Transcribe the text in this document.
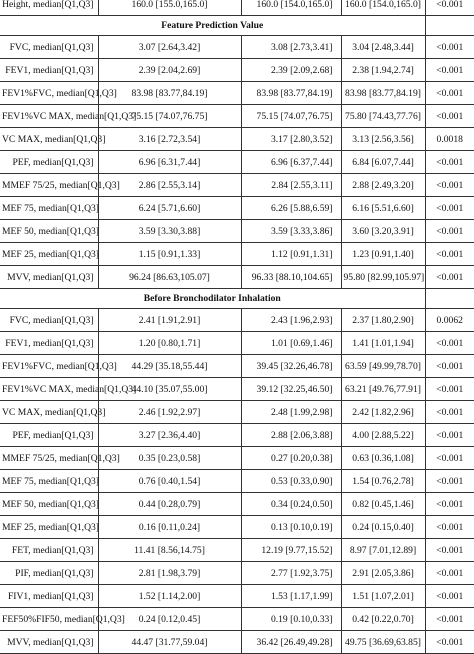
Height, median[Q1,Q3]	160.0 [155.0,165.0]	160.0 [154.0,165.0]	160.0 [154.0,165.0]	<0.001
Feature Prediction Value				
FVC, median[Q1,Q3]	3.07 [2.64,3.42]	3.08 [2.73,3.41]	3.04 [2.48,3.44]	<0.001
FEV1, median[Q1,Q3]	2.39 [2.04,2.69]	2.39 [2.09,2.68]	2.38 [1.94,2.74]	<0.001
FEV1%FVC, median[Q1,Q3]	83.98 [83.77,84.19]	83.98 [83.77,84.19]	83.98 [83.77,84.19]	<0.001
FEV1%VC MAX, median[Q1,Q3]	75.15 [74.07,76.75]	75.15 [74.07,76.75]	75.80 [74.43,77.76]	<0.001
VC MAX, median[Q1,Q3]	3.16 [2.72,3.54]	3.17 [2.80,3.52]	3.13 [2.56,3.56]	0.0018
PEF, median[Q1,Q3]	6.96 [6.31,7.44]	6.96 [6.37,7.44]	6.84 [6.07,7.44]	<0.001
MMEF 75/25, median[Q1,Q3]	2.86 [2.55,3.14]	2.84 [2.55,3.11]	2.88 [2.49,3.20]	<0.001
MEF 75, median[Q1,Q3]	6.24 [5.71,6.60]	6.26 [5.88,6.59]	6.16 [5.51,6.60]	<0.001
MEF 50, median[Q1,Q3]	3.59 [3.30,3.88]	3.59 [3.33,3.86]	3.60 [3.20,3.91]	<0.001
MEF 25, median[Q1,Q3]	1.15 [0.91,1.33]	1.12 [0.91,1.31]	1.23 [0.91,1.40]	<0.001
MVV, median[Q1,Q3]	96.24 [86.63,105.07]	96.33 [88.10,104.65]	95.80 [82.99,105.97]	<0.001
Before Bronchodilator Inhalation				
FVC, median[Q1,Q3]	2.41 [1.91,2.91]	2.43 [1.96,2.93]	2.37 [1.80,2.90]	0.0062
FEV1, median[Q1,Q3]	1.20 [0.80,1.71]	1.01 [0.69,1.46]	1.41 [1.01,1.94]	<0.001
FEV1%FVC, median[Q1,Q3]	44.29 [35.18,55.44]	39.45 [32.26,46.78]	63.59 [49.99,78.70]	<0.001
FEV1%VC MAX, median[Q1,Q3]	44.10 [35.07,55.00]	39.12 [32.25,46.50]	63.21 [49.76,77.91]	<0.001
VC MAX, median[Q1,Q3]	2.46 [1.92,2.97]	2.48 [1.99,2.98]	2.42 [1.82,2.96]	<0.001
PEF, median[Q1,Q3]	3.27 [2.36,4.40]	2.88 [2.06,3.88]	4.00 [2.88,5.22]	<0.001
MMEF 75/25, median[Q1,Q3]	0.35 [0.23,0.58]	0.27 [0.20,0.38]	0.63 [0.36,1.08]	<0.001
MEF 75, median[Q1,Q3]	0.76 [0.40,1.54]	0.53 [0.33,0.90]	1.54 [0.76,2.78]	<0.001
MEF 50, median[Q1,Q3]	0.44 [0.28,0.79]	0.34 [0.24,0.50]	0.82 [0.45,1.46]	<0.001
MEF 25, median[Q1,Q3]	0.16 [0.11,0.24]	0.13 [0.10,0.19]	0.24 [0.15,0.40]	<0.001
FET, median[Q1,Q3]	11.41 [8.56,14.75]	12.19 [9.77,15.52]	8.97 [7.01,12.89]	<0.001
PIF, median[Q1,Q3]	2.81 [1.98,3.79]	2.77 [1.92,3.75]	2.91 [2.05,3.86]	<0.001
FIV1, median[Q1,Q3]	1.52 [1.14,2.00]	1.53 [1.17,1.99]	1.51 [1.07,2.01]	<0.001
FEF50%FIF50, median[Q1,Q3]	0.24 [0.12,0.45]	0.19 [0.10,0.33]	0.42 [0.22,0.70]	<0.001
MVV, median[Q1,Q3]	44.47 [31.77,59.04]	36.42 [26.49,49.28]	49.75 [36.69,63.85]	<0.001
